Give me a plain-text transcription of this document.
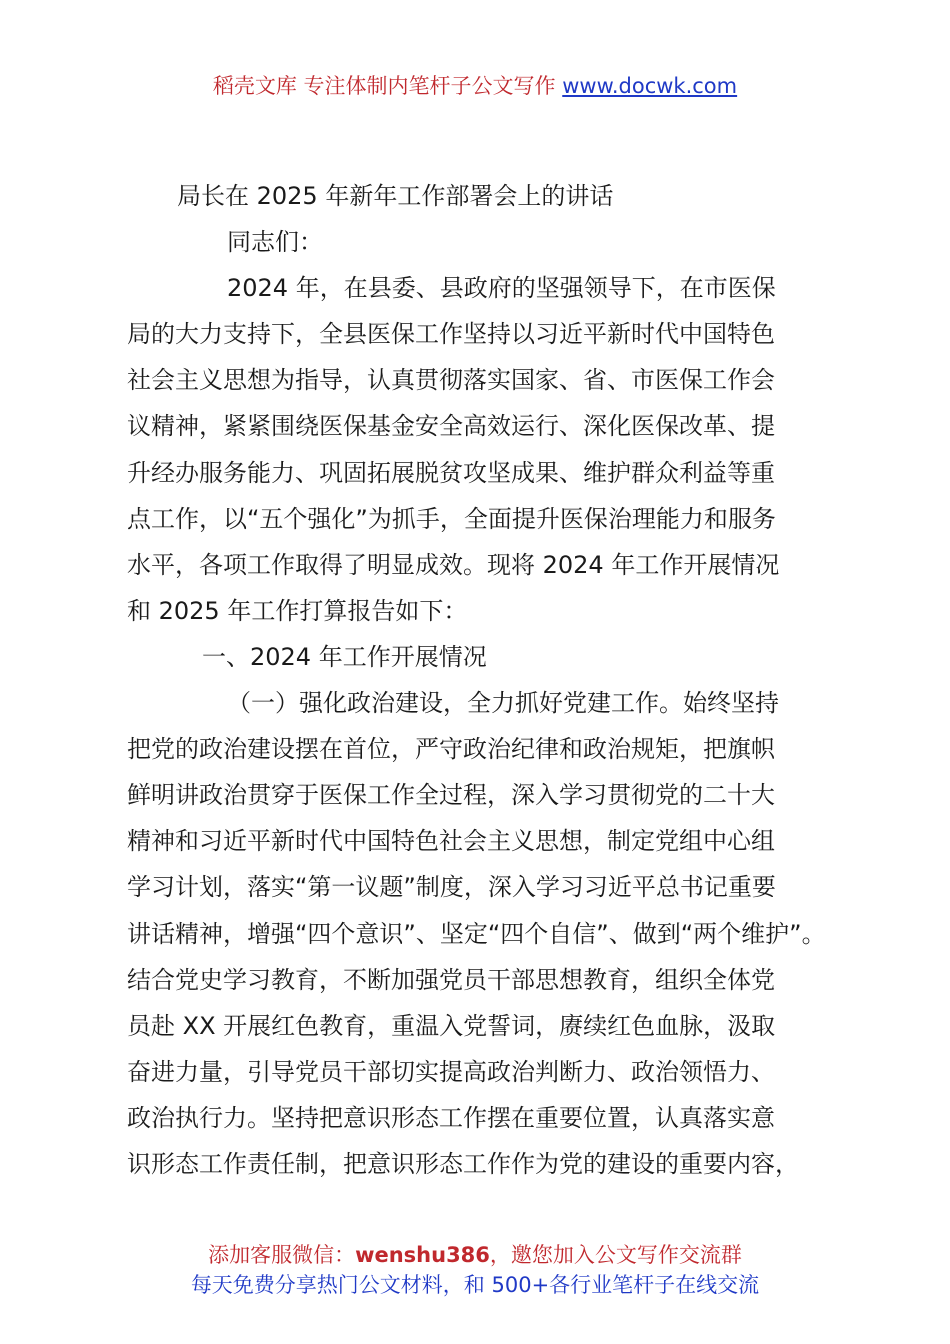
稻壳文库 专注体制内笔杆子公文写作 www.docwk.com
局长在 2025 年新年工作部署会上的讲话
同志们：
2024 年，在县委、县政府的坚强领导下，在市医保
局的大力支持下，全县医保工作坚持以习近平新时代中国特色
社会主义思想为指导，认真贯彻落实国家、省、市医保工作会
议精神，紧紧围绕医保基金安全高效运行、深化医保改革、提
升经办服务能力、巩固拓展脱贫攻坚成果、维护群众利益等重
点工作，以“五个强化”为抓手，全面提升医保治理能力和服务
水平，各项工作取得了明显成效。现将 2024 年工作开展情况
和 2025 年工作打算报告如下：
一、2024 年工作开展情况
（一）强化政治建设，全力抓好党建工作。始终坚持
把党的政治建设摆在首位，严守政治纪律和政治规矩，把旗帜
鲜明讲政治贯穿于医保工作全过程，深入学习贯彻党的二十大
精神和习近平新时代中国特色社会主义思想，制定党组中心组
学习计划，落实“第一议题”制度，深入学习习近平总书记重要
讲话精神，增强“四个意识”、坚定“四个自信”、做到“两个维护”。
结合党史学习教育，不断加强党员干部思想教育，组织全体党
员赴 XX 开展红色教育，重温入党誓词，赓续红色血脉，汲取
奋进力量，引导党员干部切实提高政治判断力、政治领悟力、
政治执行力。坚持把意识形态工作摆在重要位置，认真落实意
识形态工作责任制，把意识形态工作作为党的建设的重要内容，
添加客服微信：wenshu386，邀您加入公文写作交流群
每天免费分享热门公文材料，和 500+各行业笔杆子在线交流
